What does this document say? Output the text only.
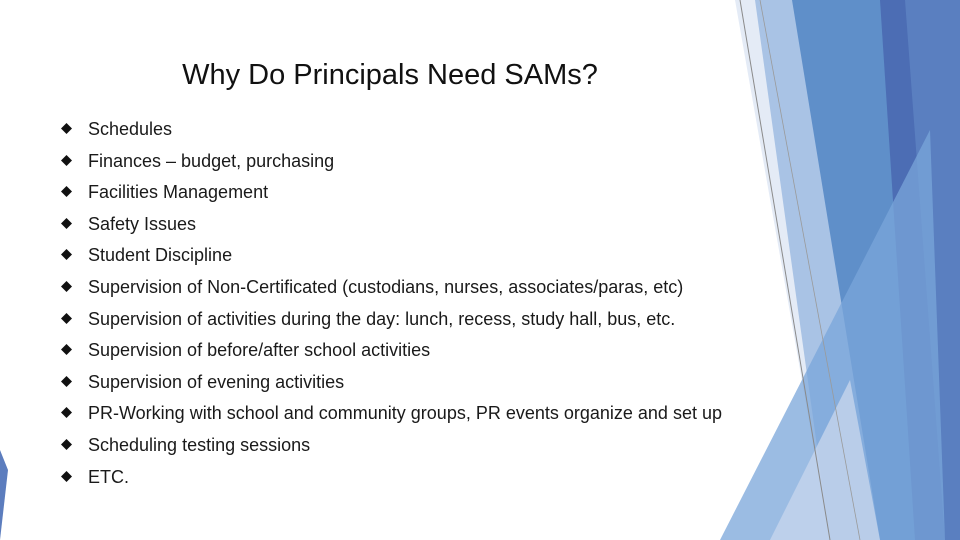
Why Do Principals Need SAMs?
Schedules
Finances – budget, purchasing
Facilities Management
Safety Issues
Student Discipline
Supervision of Non-Certificated (custodians, nurses, associates/paras, etc)
Supervision of activities during the day: lunch, recess, study hall, bus, etc.
Supervision of before/after school activities
Supervision of evening activities
PR-Working with school and community groups, PR events organize and set up
Scheduling testing sessions
ETC.
